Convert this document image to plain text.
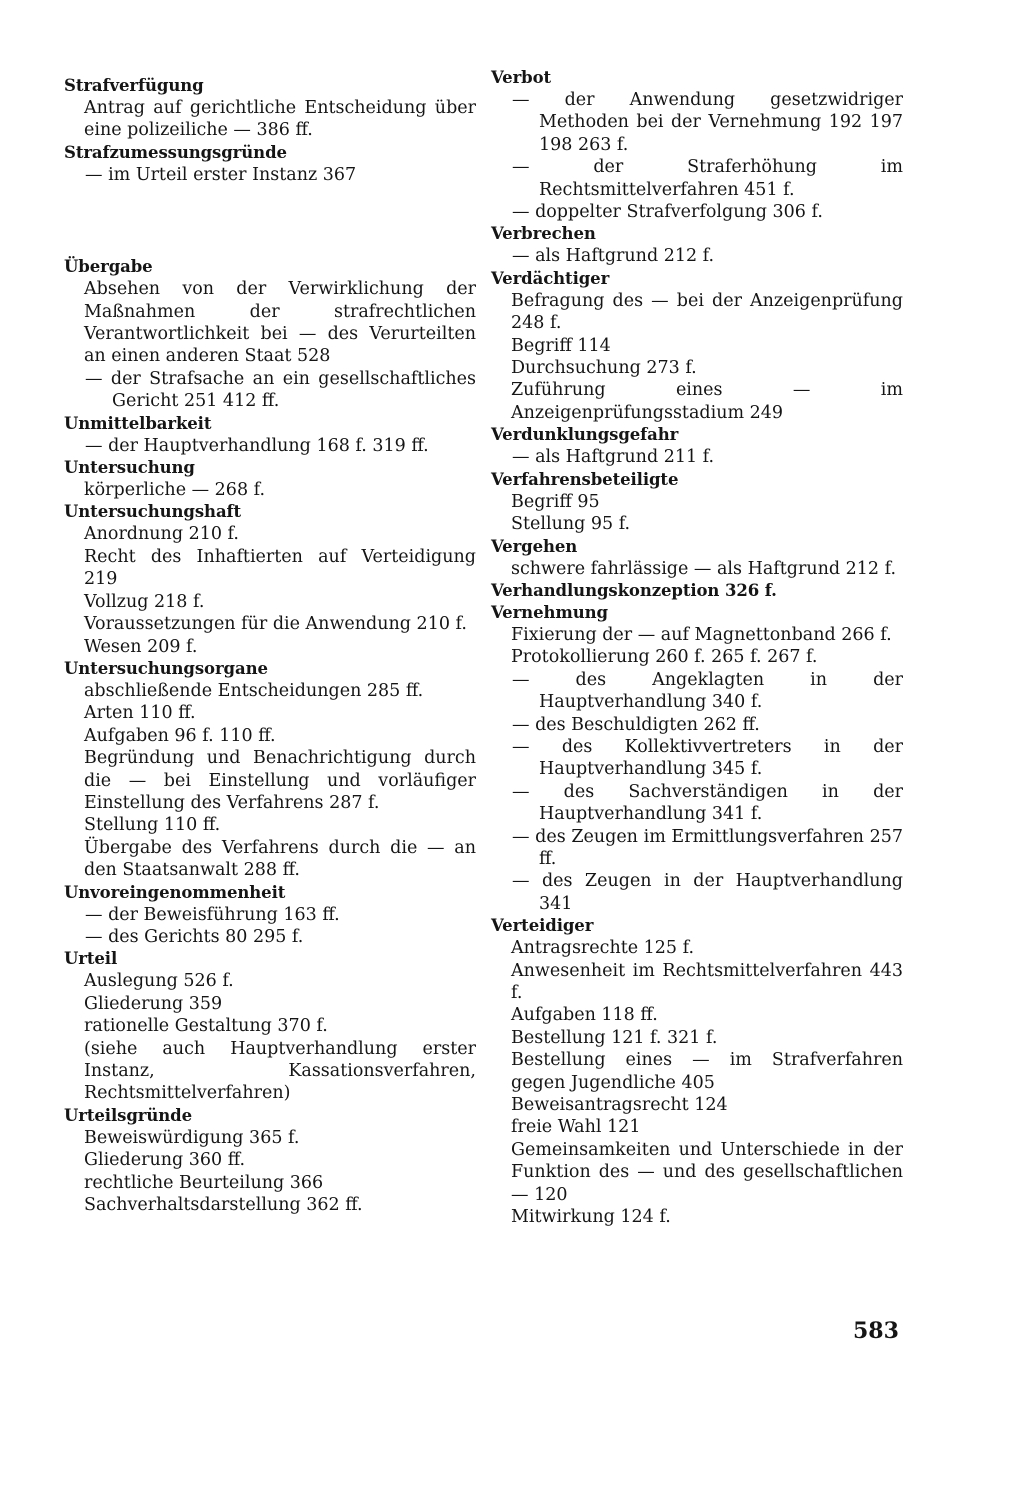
Strafverfügung
Antrag auf gerichtliche Entscheidung über eine polizeiliche — 386 ff.
Strafzumessungsgründe
— im Urteil erster Instanz 367
Übergabe
Absehen von der Verwirklichung der Maßnahmen der strafrechtlichen Verantwortlichkeit bei — des Verurteilten an einen anderen Staat 528
— der Strafsache an ein gesellschaftliches Gericht 251 412 ff.
Unmittelbarkeit
— der Hauptverhandlung 168 f. 319 ff.
Untersuchung
körperliche — 268 f.
Untersuchungshaft
Anordnung 210 f.
Recht des Inhaftierten auf Verteidigung 219
Vollzug 218 f.
Voraussetzungen für die Anwendung 210 f.
Wesen 209 f.
Untersuchungsorgane
abschließende Entscheidungen 285 ff.
Arten 110 ff.
Aufgaben 96 f. 110 ff.
Begründung und Benachrichtigung durch die — bei Einstellung und vorläufiger Einstellung des Verfahrens 287 f.
Stellung 110 ff.
Übergabe des Verfahrens durch die — an den Staatsanwalt 288 ff.
Unvoreingenommenheit
— der Beweisführung 163 ff.
— des Gerichts 80 295 f.
Urteil
Auslegung 526 f.
Gliederung 359
rationelle Gestaltung 370 f.
(siehe auch Hauptverhandlung erster Instanz, Kassationsverfahren, Rechtsmittelverfahren)
Urteilsgründe
Beweiswürdigung 365 f.
Gliederung 360 ff.
rechtliche Beurteilung 366
Sachverhaltsdarstellung 362 ff.
Verbot
— der Anwendung gesetzwidriger Methoden bei der Vernehmung 192 197 198 263 f.
— der Straferhöhung im Rechtsmittelverfahren 451 f.
— doppelter Strafverfolgung 306 f.
Verbrechen
— als Haftgrund 212 f.
Verdächtiger
Befragung des — bei der Anzeigenprüfung 248 f.
Begriff 114
Durchsuchung 273 f.
Zuführung eines — im Anzeigenprüfungsstadium 249
Verdunklungsgefahr
— als Haftgrund 211 f.
Verfahrensbeteiligte
Begriff 95
Stellung 95 f.
Vergehen
schwere fahrlässige — als Haftgrund 212 f.
Verhandlungskonzeption 326 f.
Vernehmung
Fixierung der — auf Magnettonband 266 f.
Protokollierung 260 f. 265 f. 267 f.
— des Angeklagten in der Hauptverhandlung 340 f.
— des Beschuldigten 262 ff.
— des Kollektivvertreters in der Hauptverhandlung 345 f.
— des Sachverständigen in der Hauptverhandlung 341 f.
— des Zeugen im Ermittlungsverfahren 257 ff.
— des Zeugen in der Hauptverhandlung 341
Verteidiger
Antragsrechte 125 f.
Anwesenheit im Rechtsmittelverfahren 443 f.
Aufgaben 118 ff.
Bestellung 121 f. 321 f.
Bestellung eines — im Strafverfahren gegen Jugendliche 405
Beweisantragsrecht 124
freie Wahl 121
Gemeinsamkeiten und Unterschiede in der Funktion des — und des gesellschaftlichen — 120
Mitwirkung 124 f.
583
